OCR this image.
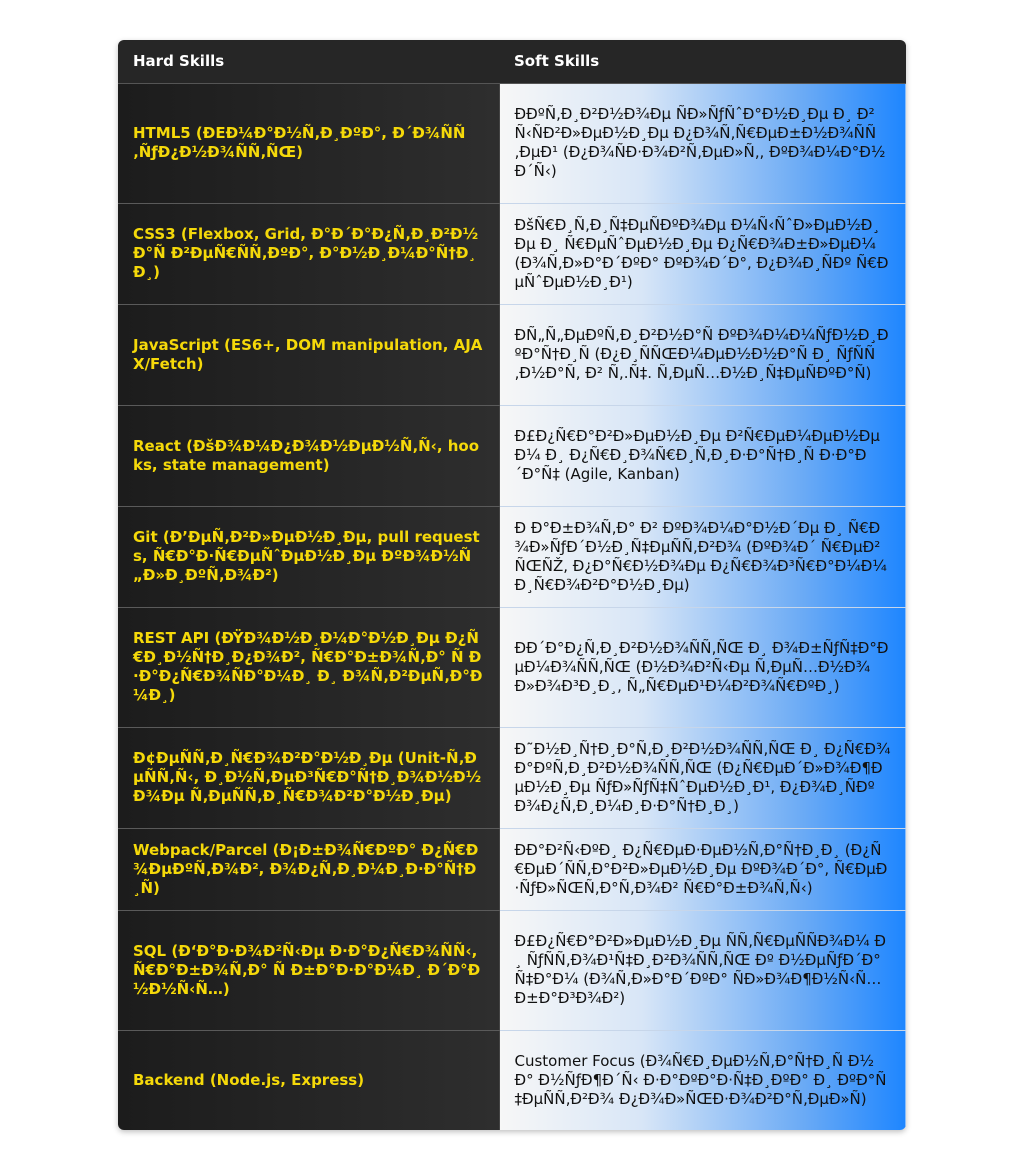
Hard Skills	Soft Skills
HTML5 (ÐЕÐ¼Ð°Ð½Ñ‚Ð¸ÐºÐ°, Ð´Ð¾ÑÑ‚ÑƒÐ¿Ð½Ð¾ÑÑ‚ÑŒ)	ÐÐºÑ‚Ð¸Ð²Ð½Ð¾Ðµ ÑÐ»ÑƒÑˆÐ°Ð½Ð¸Ðµ Ð¸ Ð²Ñ‹ÑÐ²Ð»ÐµÐ½Ð¸Ðµ Ð¿Ð¾Ñ‚Ñ€ÐµÐ±Ð½Ð¾ÑÑ‚ÐµÐ¹ (Ð¿Ð¾ÑÐ·Ð¾Ð²Ñ‚ÐµÐ»Ñ‚, ÐºÐ¾Ð¼Ð°Ð½Ð´Ñ‹)
CSS3 (Flexbox, Grid, Ð°Ð´Ð°Ð¿Ñ‚Ð¸Ð²Ð½Ð°Ñ Ð²ÐµÑ€ÑÑ‚ÐºÐ°, Ð°Ð½Ð¸Ð¼Ð°Ñ†Ð¸Ð¸)	ÐšÑ€Ð¸Ñ‚Ð¸Ñ‡ÐµÑÐºÐ¾Ðµ Ð¼Ñ‹ÑˆÐ»ÐµÐ½Ð¸Ðµ Ð¸ Ñ€ÐµÑˆÐµÐ½Ð¸Ðµ Ð¿Ñ€Ð¾Ð±Ð»ÐµÐ¼ (Ð¾Ñ‚Ð»Ð°Ð´ÐºÐ° ÐºÐ¾Ð´Ð°, Ð¿Ð¾Ð¸ÑÐº Ñ€ÐµÑˆÐµÐ½Ð¸Ð¹)
JavaScript (ES6+, DOM manipulation, AJAX/Fetch)	ÐÑ„Ñ„ÐµÐºÑ‚Ð¸Ð²Ð½Ð°Ñ ÐºÐ¾Ð¼Ð¼ÑƒÐ½Ð¸ÐºÐ°Ñ†Ð¸Ñ (Ð¿Ð¸ÑÑŒÐ¼ÐµÐ½Ð½Ð°Ñ Ð¸ ÑƒÑÑ‚Ð½Ð°Ñ, Ð² Ñ‚.Ñ‡. Ñ‚ÐµÑ…Ð½Ð¸Ñ‡ÐµÑÐºÐ°Ñ)
React (ÐšÐ¾Ð¼Ð¿Ð¾Ð½ÐµÐ½Ñ‚Ñ‹, hooks, state management)	Ð£Ð¿Ñ€Ð°Ð²Ð»ÐµÐ½Ð¸Ðµ Ð²Ñ€ÐµÐ¼ÐµÐ½ÐµÐ¼ Ð¸ Ð¿Ñ€Ð¸Ð¾Ñ€Ð¸Ñ‚Ð¸Ð·Ð°Ñ†Ð¸Ñ Ð·Ð°Ð´Ð°Ñ‡ (Agile, Kanban)
Git (Ð’ÐµÑ‚Ð²Ð»ÐµÐ½Ð¸Ðµ, pull requests, Ñ€Ð°Ð·Ñ€ÐµÑˆÐµÐ½Ð¸Ðµ ÐºÐ¾Ð½Ñ„Ð»Ð¸ÐºÑ‚Ð¾Ð²)	Ð Ð°Ð±Ð¾Ñ‚Ð° Ð² ÐºÐ¾Ð¼Ð°Ð½Ð´Ðµ Ð¸ Ñ€Ð¾Ð»ÑƒÐ´Ð½Ð¸Ñ‡ÐµÑÑ‚Ð²Ð¾ (ÐºÐ¾Ð´ Ñ€ÐµÐ²ÑŒÑŽ, Ð¿Ð°Ñ€Ð½Ð¾Ðµ Ð¿Ñ€Ð¾Ð³Ñ€Ð°Ð¼Ð¼Ð¸Ñ€Ð¾Ð²Ð°Ð½Ð¸Ðµ)
REST API (ÐŸÐ¾Ð½Ð¸Ð¼Ð°Ð½Ð¸Ðµ Ð¿Ñ€Ð¸Ð½Ñ†Ð¸Ð¿Ð¾Ð², Ñ€Ð°Ð±Ð¾Ñ‚Ð° Ñ Ð·Ð°Ð¿Ñ€Ð¾ÑÐ°Ð¼Ð¸ Ð¸ Ð¾Ñ‚Ð²ÐµÑ‚Ð°Ð¼Ð¸)	ÐÐ´Ð°Ð¿Ñ‚Ð¸Ð²Ð½Ð¾ÑÑ‚ÑŒ Ð¸ Ð¾Ð±ÑƒÑ‡Ð°ÐµÐ¼Ð¾ÑÑ‚ÑŒ (Ð½Ð¾Ð²Ñ‹Ðµ Ñ‚ÐµÑ…Ð½Ð¾Ð»Ð¾Ð³Ð¸Ð¸, Ñ„Ñ€ÐµÐ¹Ð¼Ð²Ð¾Ñ€ÐºÐ¸)
Ð¢ÐµÑÑ‚Ð¸Ñ€Ð¾Ð²Ð°Ð½Ð¸Ðµ (Unit-Ñ‚ÐµÑÑ‚Ñ‹, Ð¸Ð½Ñ‚ÐµÐ³Ñ€Ð°Ñ†Ð¸Ð¾Ð½Ð½Ð¾Ðµ Ñ‚ÐµÑÑ‚Ð¸Ñ€Ð¾Ð²Ð°Ð½Ð¸Ðµ)	Ð˜Ð½Ð¸Ñ†Ð¸Ð°Ñ‚Ð¸Ð²Ð½Ð¾ÑÑ‚ÑŒ Ð¸ Ð¿Ñ€Ð¾Ð°ÐºÑ‚Ð¸Ð²Ð½Ð¾ÑÑ‚ÑŒ (Ð¿Ñ€ÐµÐ´Ð»Ð¾Ð¶ÐµÐ½Ð¸Ðµ ÑƒÐ»ÑƒÑ‡ÑˆÐµÐ½Ð¸Ð¹, Ð¿Ð¾Ð¸ÑÐº Ð¾Ð¿Ñ‚Ð¸Ð¼Ð¸Ð·Ð°Ñ†Ð¸Ð¸)
Webpack/Parcel (Ð¡Ð±Ð¾Ñ€ÐºÐ° Ð¿Ñ€Ð¾ÐµÐºÑ‚Ð¾Ð², Ð¾Ð¿Ñ‚Ð¸Ð¼Ð¸Ð·Ð°Ñ†Ð¸Ñ)	ÐÐ°Ð²Ñ‹ÐºÐ¸ Ð¿Ñ€ÐµÐ·ÐµÐ½Ñ‚Ð°Ñ†Ð¸Ð¸ (Ð¿Ñ€ÐµÐ´ÑÑ‚Ð°Ð²Ð»ÐµÐ½Ð¸Ðµ ÐºÐ¾Ð´Ð°, Ñ€ÐµÐ·ÑƒÐ»ÑŒÑ‚Ð°Ñ‚Ð¾Ð² Ñ€Ð°Ð±Ð¾Ñ‚Ñ‹)
SQL (Ð‘Ð°Ð·Ð¾Ð²Ñ‹Ðµ Ð·Ð°Ð¿Ñ€Ð¾ÑÑ‹, Ñ€Ð°Ð±Ð¾Ñ‚Ð° Ñ Ð±Ð°Ð·Ð°Ð¼Ð¸ Ð´Ð°Ð½Ð½Ñ‹Ñ…)	Ð£Ð¿Ñ€Ð°Ð²Ð»ÐµÐ½Ð¸Ðµ ÑÑ‚Ñ€ÐµÑÑÐ¾Ð¼ Ð¸ ÑƒÑÑ‚Ð¾Ð¹Ñ‡Ð¸Ð²Ð¾ÑÑ‚ÑŒ Ðº Ð½ÐµÑƒÐ´Ð°Ñ‡Ð°Ð¼ (Ð¾Ñ‚Ð»Ð°Ð´ÐºÐ° ÑÐ»Ð¾Ð¶Ð½Ñ‹Ñ… Ð±Ð°Ð³Ð¾Ð²)
Backend (Node.js, Express)	Customer Focus (Ð¾Ñ€Ð¸ÐµÐ½Ñ‚Ð°Ñ†Ð¸Ñ Ð½Ð° Ð½ÑƒÐ¶Ð´Ñ‹ Ð·Ð°ÐºÐ°Ð·Ñ‡Ð¸ÐºÐ° Ð¸ ÐºÐ°Ñ‡ÐµÑÑ‚Ð²Ð¾ Ð¿Ð¾Ð»ÑŒÐ·Ð¾Ð²Ð°Ñ‚ÐµÐ»Ñ)
